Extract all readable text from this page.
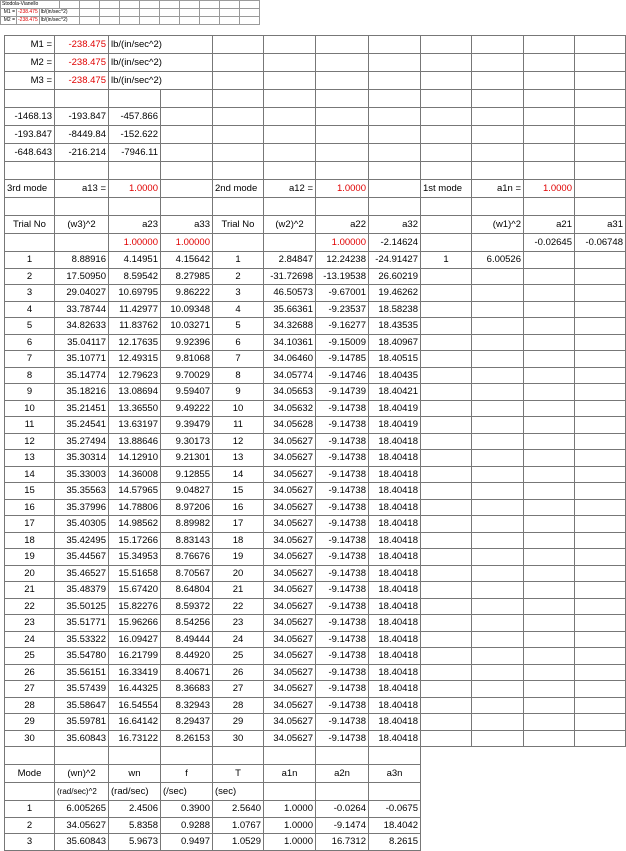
Stodola-Vianello												
M1 =	-238.475	lb/(in/sec^2)										
M2 =	-238.475	lb/(in/sec^2)										
M1 =	-238.475	lb/(in/sec^2)									
M2 =	-238.475	lb/(in/sec^2)									
M3 =	-238.475	lb/(in/sec^2)									

-1468.13	-193.847	-457.866									
-193.847	-8449.84	-152.622									
-648.643	-216.214	-7946.11									

3rd mode	a13 =	1.0000		2nd mode	a12 =	1.0000		1st mode	a1n =	1.0000	

Trial No	(w3)^2	a23	a33	Trial No	(w2)^2	a22	a32		(w1)^2	a21	a31
		1.00000	1.00000			1.00000	-2.14624			-0.02645	-0.06748
1	8.88916	4.14951	4.15642	1	2.84847	12.24238	-24.91427	1	6.00526		
2	17.50950	8.59542	8.27985	2	-31.72698	-13.19538	26.60219				
3	29.04027	10.69795	9.86222	3	46.50573	-9.67001	19.46262				
4	33.78744	11.42977	10.09348	4	35.66361	-9.23537	18.58238				
5	34.82633	11.83762	10.03271	5	34.32688	-9.16277	18.43535				
6	35.04117	12.17635	9.92396	6	34.10361	-9.15009	18.40967				
7	35.10771	12.49315	9.81068	7	34.06460	-9.14785	18.40515				
8	35.14774	12.79623	9.70029	8	34.05774	-9.14746	18.40435				
9	35.18216	13.08694	9.59407	9	34.05653	-9.14739	18.40421				
10	35.21451	13.36550	9.49222	10	34.05632	-9.14738	18.40419				
11	35.24541	13.63197	9.39479	11	34.05628	-9.14738	18.40419				
12	35.27494	13.88646	9.30173	12	34.05627	-9.14738	18.40418				
13	35.30314	14.12910	9.21301	13	34.05627	-9.14738	18.40418				
14	35.33003	14.36008	9.12855	14	34.05627	-9.14738	18.40418				
15	35.35563	14.57965	9.04827	15	34.05627	-9.14738	18.40418				
16	35.37996	14.78806	8.97206	16	34.05627	-9.14738	18.40418				
17	35.40305	14.98562	8.89982	17	34.05627	-9.14738	18.40418				
18	35.42495	15.17266	8.83143	18	34.05627	-9.14738	18.40418				
19	35.44567	15.34953	8.76676	19	34.05627	-9.14738	18.40418				
20	35.46527	15.51658	8.70567	20	34.05627	-9.14738	18.40418				
21	35.48379	15.67420	8.64804	21	34.05627	-9.14738	18.40418				
22	35.50125	15.82276	8.59372	22	34.05627	-9.14738	18.40418				
23	35.51771	15.96266	8.54256	23	34.05627	-9.14738	18.40418				
24	35.53322	16.09427	8.49444	24	34.05627	-9.14738	18.40418				
25	35.54780	16.21799	8.44920	25	34.05627	-9.14738	18.40418				
26	35.56151	16.33419	8.40671	26	34.05627	-9.14738	18.40418				
27	35.57439	16.44325	8.36683	27	34.05627	-9.14738	18.40418				
28	35.58647	16.54554	8.32943	28	34.05627	-9.14738	18.40418				
29	35.59781	16.64142	8.29437	29	34.05627	-9.14738	18.40418				
30	35.60843	16.73122	8.26153	30	34.05627	-9.14738	18.40418				

Mode	(wn)^2	wn	f	T	a1n	a2n	a3n				
	(rad/sec)^2	(rad/sec)	(/sec)	(sec)							
1	6.005265	2.4506	0.3900	2.5640	1.0000	-0.0264	-0.0675				
2	34.05627	5.8358	0.9288	1.0767	1.0000	-9.1474	18.4042				
3	35.60843	5.9673	0.9497	1.0529	1.0000	16.7312	8.2615				
